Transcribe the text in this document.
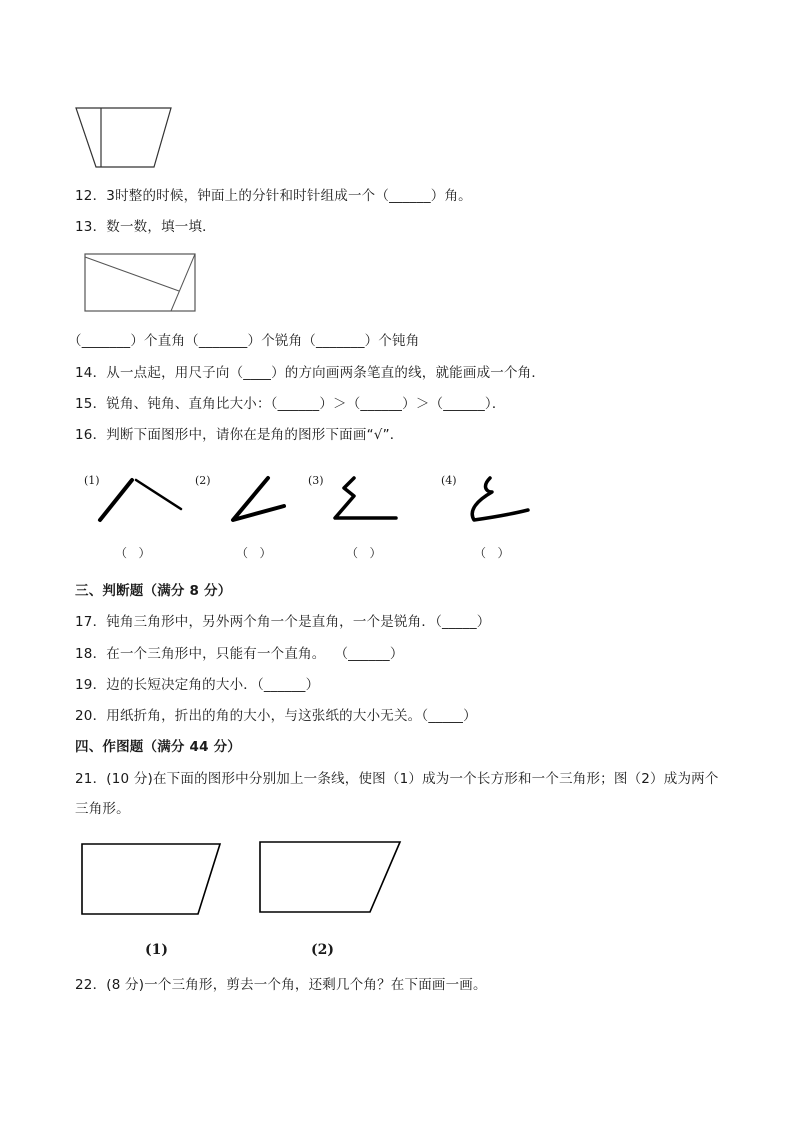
12．3时整的时候，钟面上的分针和时针组成一个（______）角。
13．数一数，填一填．
（_______）个直角（_______）个锐角（_______）个钝角
14．从一点起，用尺子向（____）的方向画两条笔直的线，就能画成一个角．
15．锐角、钝角、直角比大小：（______）＞（______）＞（______）．
16．判断下面图形中，请你在是角的图形下面画“√”．
(1)	(2)	(3)	(4)
（   ）	（   ）	（   ）	（   ）
三、判断题（满分 8 分）
17．钝角三角形中，另外两个角一个是直角，一个是锐角．（_____）
18．在一个三角形中，只能有一个直角。  （______）
19．边的长短决定角的大小．（______）
20．用纸折角，折出的角的大小，与这张纸的大小无关。（_____）
四、作图题（满分 44 分）
21．(10 分)在下面的图形中分别加上一条线，使图（1）成为一个长方形和一个三角形；图（2）成为两个
三角形。
(1)	(2)
22．(8 分)一个三角形，剪去一个角，还剩几个角？在下面画一画。
